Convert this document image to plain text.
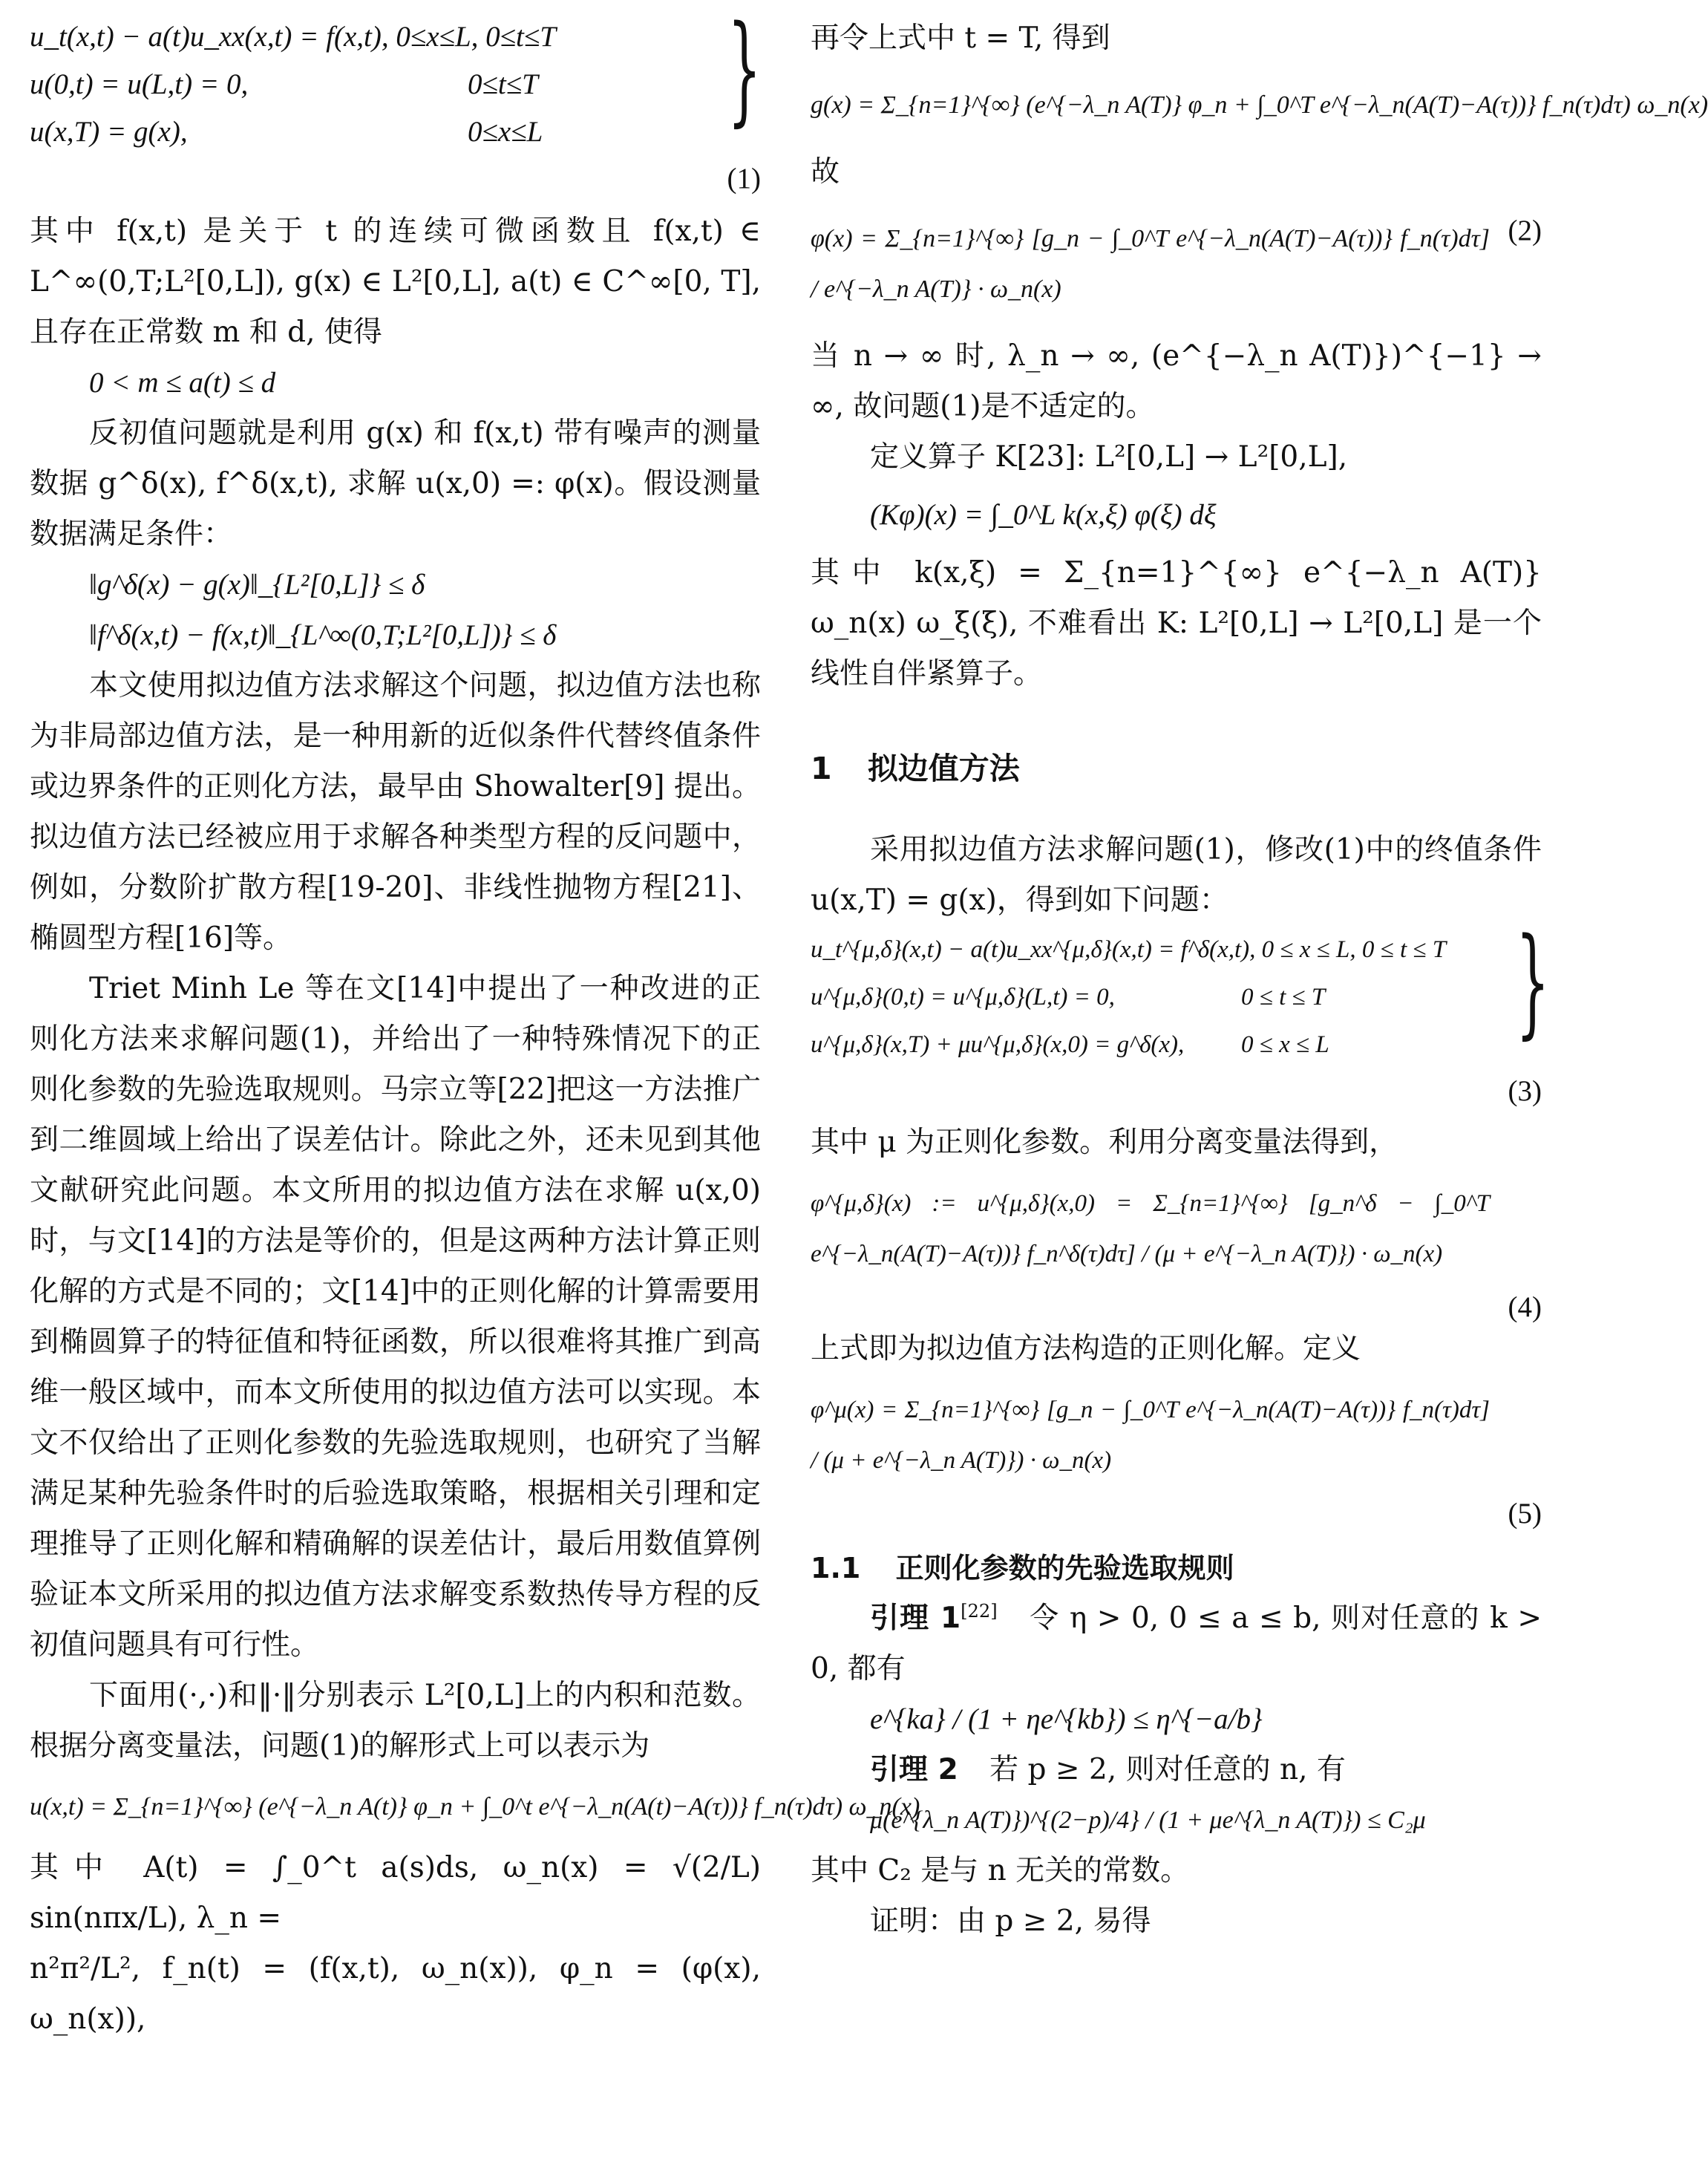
u_t(x,t) − a(t)u_xx(x,t) = f(x,t), 0≤x≤L, 0≤t≤T
u(0,t) = u(L,t) = 0,	0≤t≤T
u(x,T) = g(x),	0≤x≤L }
(1)

其中 f(x,t) 是关于 t 的连续可微函数且 f(x,t) ∈ L^∞(0,T;L²[0,L]), g(x) ∈ L²[0,L], a(t) ∈ C^∞[0, T], 且存在正常数 m 和 d, 使得

0 < m ≤ a(t) ≤ d

反初值问题就是利用 g(x) 和 f(x,t) 带有噪声的测量数据 g^δ(x), f^δ(x,t), 求解 u(x,0) =: φ(x)。假设测量数据满足条件：

‖g^δ(x) − g(x)‖_{L²[0,L]} ≤ δ

‖f^δ(x,t) − f(x,t)‖_{L^∞(0,T;L²[0,L])} ≤ δ

本文使用拟边值方法求解这个问题，拟边值方法也称为非局部边值方法，是一种用新的近似条件代替终值条件或边界条件的正则化方法，最早由 Showalter[9] 提出。拟边值方法已经被应用于求解各种类型方程的反问题中，例如，分数阶扩散方程[19-20]、非线性抛物方程[21]、椭圆型方程[16]等。

Triet Minh Le 等在文[14]中提出了一种改进的正则化方法来求解问题(1)，并给出了一种特殊情况下的正则化参数的先验选取规则。马宗立等[22]把这一方法推广到二维圆域上给出了误差估计。除此之外，还未见到其他文献研究此问题。本文所用的拟边值方法在求解 u(x,0) 时，与文[14]的方法是等价的，但是这两种方法计算正则化解的方式是不同的；文[14]中的正则化解的计算需要用到椭圆算子的特征值和特征函数，所以很难将其推广到高维一般区域中，而本文所使用的拟边值方法可以实现。本文不仅给出了正则化参数的先验选取规则，也研究了当解满足某种先验条件时的后验选取策略，根据相关引理和定理推导了正则化解和精确解的误差估计，最后用数值算例验证本文所采用的拟边值方法求解变系数热传导方程的反初值问题具有可行性。

下面用(·,·)和‖·‖分别表示 L²[0,L]上的内积和范数。根据分离变量法，问题(1)的解形式上可以表示为

u(x,t) = Σ_{n=1}^{∞} (e^{−λ_n A(t)} φ_n + ∫_0^t e^{−λ_n(A(t)−A(τ))} f_n(τ)dτ) ω_n(x)

其中 A(t) = ∫_0^t a(s)ds, ω_n(x) = √(2/L) sin(nπx/L), λ_n =

n²π²/L², f_n(t) = (f(x,t), ω_n(x)), φ_n = (φ(x), ω_n(x)),

再令上式中 t = T, 得到

g(x) = Σ_{n=1}^{∞} (e^{−λ_n A(T)} φ_n + ∫_0^T e^{−λ_n(A(T)−A(τ))} f_n(τ)dτ) ω_n(x)

故

φ(x) = Σ_{n=1}^{∞} [g_n − ∫_0^T e^{−λ_n(A(T)−A(τ))} f_n(τ)dτ] / e^{−λ_n A(T)} · ω_n(x)

(2)

当 n → ∞ 时, λ_n → ∞, (e^{−λ_n A(T)})^{−1} → ∞, 故问题(1)是不适定的。

定义算子 K[23]: L²[0,L] → L²[0,L],

(Kφ)(x) = ∫_0^L k(x,ξ) φ(ξ) dξ

其中 k(x,ξ) = Σ_{n=1}^{∞} e^{−λ_n A(T)} ω_n(x) ω_ξ(ξ), 不难看出 K: L²[0,L] → L²[0,L] 是一个线性自伴紧算子。

1 拟边值方法

采用拟边值方法求解问题(1)，修改(1)中的终值条件 u(x,T) = g(x)，得到如下问题：

u_t^{μ,δ}(x,t) − a(t)u_xx^{μ,δ}(x,t) = f^δ(x,t), 0 ≤ x ≤ L, 0 ≤ t ≤ T
u^{μ,δ}(0,t) = u^{μ,δ}(L,t) = 0,	0 ≤ t ≤ T
u^{μ,δ}(x,T) + μu^{μ,δ}(x,0) = g^δ(x), 0 ≤ x ≤ L }
(3)

其中 μ 为正则化参数。利用分离变量法得到，

φ^{μ,δ}(x) := u^{μ,δ}(x,0) = Σ_{n=1}^{∞} [g_n^δ − ∫_0^T e^{−λ_n(A(T)−A(τ))} f_n^δ(τ)dτ] / (μ + e^{−λ_n A(T)}) · ω_n(x)

(4)

上式即为拟边值方法构造的正则化解。定义

φ^μ(x) = Σ_{n=1}^{∞} [g_n − ∫_0^T e^{−λ_n(A(T)−A(τ))} f_n(τ)dτ] / (μ + e^{−λ_n A(T)}) · ω_n(x)

(5)
1.1 正则化参数的先验选取规则

引理 1[22] 令 η > 0, 0 ≤ a ≤ b, 则对任意的 k > 0, 都有

e^{ka} / (1 + ηe^{kb}) ≤ η^{−a/b}

引理 2 若 p ≥ 2, 则对任意的 n, 有

μ(e^{λ_n A(T)})^{(2−p)/4} / (1 + μe^{λ_n A(T)}) ≤ C₂μ

其中 C₂ 是与 n 无关的常数。

证明：由 p ≥ 2, 易得
